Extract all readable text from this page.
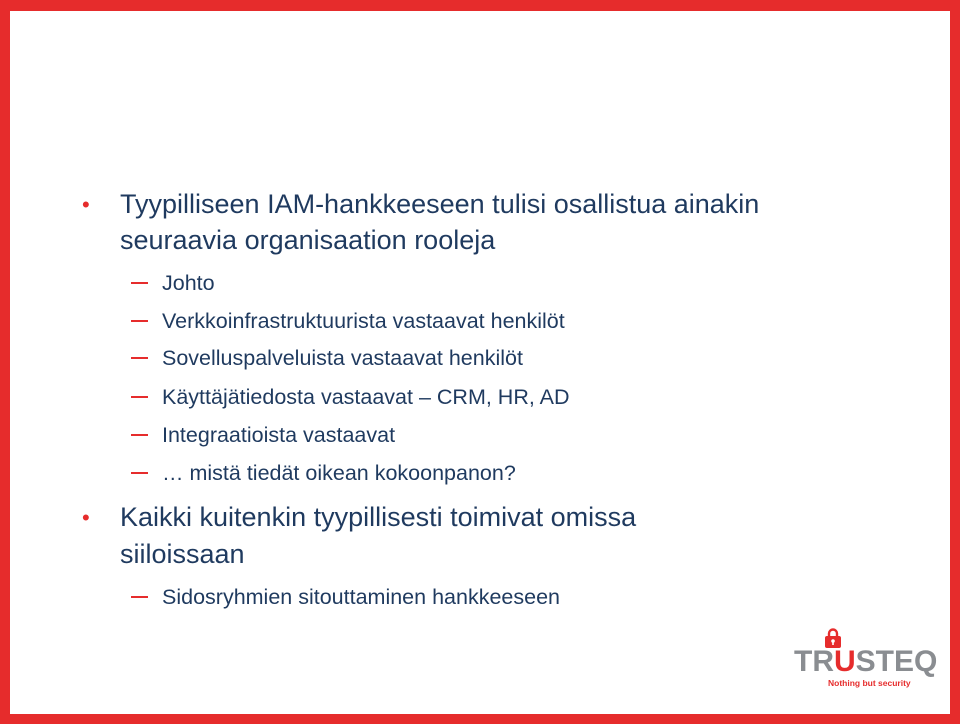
Organisoituminen ja kommunikaatio
• Tyypilliseen IAM-hankkeeseen tulisi osallistua ainakin
seuraavia organisaation rooleja
Johto
Verkkoinfrastruktuurista vastaavat henkilöt
Sovelluspalveluista vastaavat henkilöt
Käyttäjätiedosta vastaavat – CRM, HR, AD
Integraatioista vastaavat
… mistä tiedät oikean kokoonpanon?
• Kaikki kuitenkin tyypillisesti toimivat omissa
siiloissaan
Sidosryhmien sitouttaminen hankkeeseen
TRUSTEQ
Nothing but security
